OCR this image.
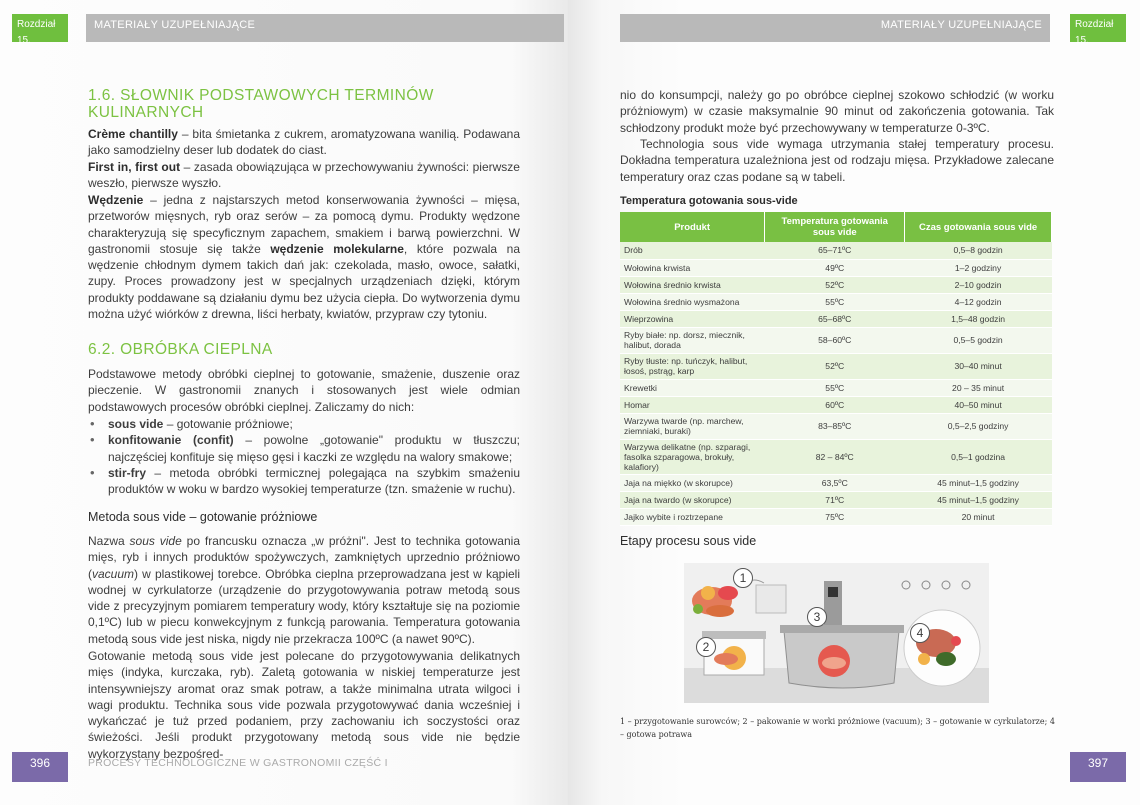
Rozdział 15.
MATERIAŁY UZUPEŁNIAJĄCE
1.6. SŁOWNIK PODSTAWOWYCH TERMINÓW KULINARNYCH
Crème chantilly – bita śmietanka z cukrem, aromatyzowana wanilią. Podawana jako samodzielny deser lub dodatek do ciast.
First in, first out – zasada obowiązująca w przechowywaniu żywności: pierwsze weszło, pierwsze wyszło.
Wędzenie – jedna z najstarszych metod konserwowania żywności – mięsa, przetworów mięsnych, ryb oraz serów – za pomocą dymu. Produkty wędzone charakteryzują się specyficznym zapachem, smakiem i barwą powierzchni. W gastronomii stosuje się także wędzenie molekularne, które pozwala na wędzenie chłodnym dymem takich dań jak: czekolada, masło, owoce, sałatki, zupy. Proces prowadzony jest w specjalnych urządzeniach dzięki, którym produkty poddawane są działaniu dymu bez użycia ciepła. Do wytworzenia dymu można użyć wiórków z drewna, liści herbaty, kwiatów, przypraw czy tytoniu.
6.2. OBRÓBKA CIEPLNA
Podstawowe metody obróbki cieplnej to gotowanie, smażenie, duszenie oraz pieczenie. W gastronomii znanych i stosowanych jest wiele odmian podstawowych procesów obróbki cieplnej. Zaliczamy do nich:
• sous vide – gotowanie próżniowe;
• konfitowanie (confit) – powolne „gotowanie" produktu w tłuszczu; najczęściej konfituje się mięso gęsi i kaczki ze względu na walory smakowe;
• stir-fry – metoda obróbki termicznej polegająca na szybkim smażeniu produktów w woku w bardzo wysokiej temperaturze (tzn. smażenie w ruchu).
Metoda sous vide – gotowanie próżniowe
Nazwa sous vide po francusku oznacza „w próżni". Jest to technika gotowania mięs, ryb i innych produktów spożywczych, zamkniętych uprzednio próżniowo (vacuum) w plastikowej torebce. Obróbka cieplna przeprowadzana jest w kąpieli wodnej w cyrkulatorze (urządzenie do przygotowywania potraw metodą sous vide z precyzyjnym pomiarem temperatury wody, który kształtuje się na poziomie 0,1ºC) lub w piecu konwekcyjnym z funkcją parowania. Temperatura gotowania metodą sous vide jest niska, nigdy nie przekracza 100ºC (a nawet 90ºC).
Gotowanie metodą sous vide jest polecane do przygotowywania delikatnych mięs (indyka, kurczaka, ryb). Zaletą gotowania w niskiej temperaturze jest intensywniejszy aromat oraz smak potraw, a także minimalna utrata wilgoci i wagi produktu. Technika sous vide pozwala przygotowywać dania wcześniej i wykańczać je tuż przed podaniem, przy zachowaniu ich soczystości oraz świeżości. Jeśli produkt przygotowany metodą sous vide nie będzie wykorzystany bezpośred-
396	PROCESY TECHNOLOGICZNE W GASTRONOMII CZĘŚĆ I
MATERIAŁY UZUPEŁNIAJĄCE	Rozdział 15.
nio do konsumpcji, należy go po obróbce cieplnej szokowo schłodzić (w worku próżniowym) w czasie maksymalnie 90 minut od zakończenia gotowania. Tak schłodzony produkt może być przechowywany w temperaturze 0-3ºC.
Technologia sous vide wymaga utrzymania stałej temperatury procesu. Dokładna temperatura uzależniona jest od rodzaju mięsa. Przykładowe zalecane temperatury oraz czas podane są w tabeli.
Temperatura gotowania sous-vide
Produkt	Temperatura gotowania sous vide	Czas gotowania sous vide
Drób	65–71ºC	0,5–8 godzin
Wołowina krwista	49ºC	1–2 godziny
Wołowina średnio krwista	52ºC	2–10 godzin
Wołowina średnio wysmażona	55ºC	4–12 godzin
Wieprzowina	65–68ºC	1,5–48 godzin
Ryby białe: np. dorsz, miecznik, halibut, dorada	58–60ºC	0,5–5 godzin
Ryby tłuste: np. tuńczyk, halibut, łosoś, pstrąg, karp	52ºC	30–40 minut
Krewetki	55ºC	20 – 35 minut
Homar	60ºC	40–50 minut
Warzywa twarde (np. marchew, ziemniaki, buraki)	83–85ºC	0,5–2,5 godziny
Warzywa delikatne (np. szparagi, fasolka szparagowa, brokuły, kalafiory)	82 – 84ºC	0,5–1 godzina
Jaja na miękko (w skorupce)	63,5ºC	45 minut–1,5 godziny
Jaja na twardo (w skorupce)	71ºC	45 minut–1,5 godziny
Jajko wybite i roztrzepane	75ºC	20 minut
Etapy procesu sous vide
1
2
3
4
1 – przygotowanie surowców; 2 – pakowanie w worki próżniowe (vacuum); 3 – gotowanie w cyrkulatorze; 4 – gotowa potrawa
397
